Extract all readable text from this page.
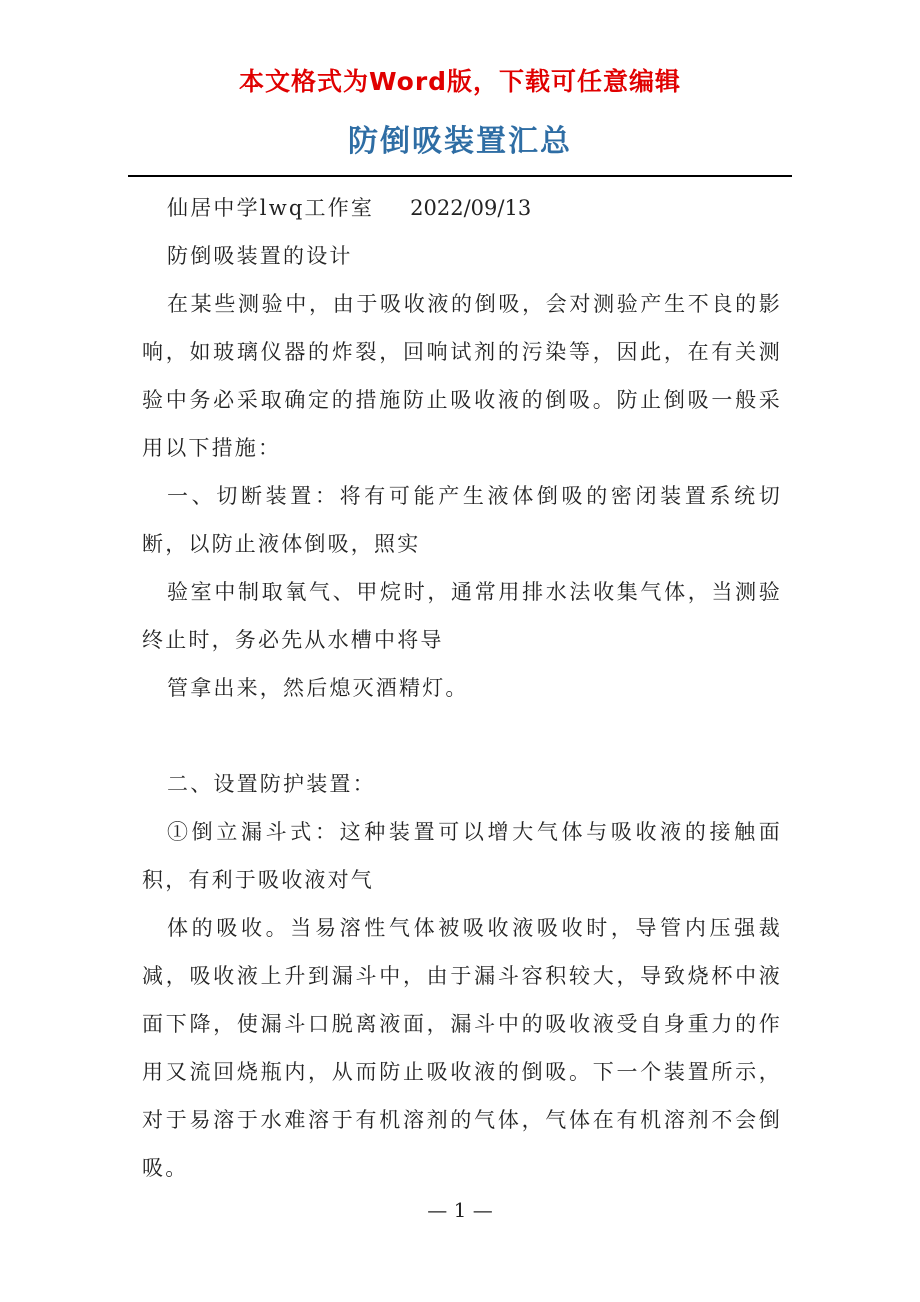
本文格式为Word版，下载可任意编辑
防倒吸装置汇总

仙居中学lwq工作室 2022/09/13

防倒吸装置的设计

在某些测验中，由于吸收液的倒吸，会对测验产生不良的影响，如玻璃仪器的炸裂，回响试剂的污染等，因此，在有关测验中务必采取确定的措施防止吸收液的倒吸。防止倒吸一般采用以下措施：

一、切断装置：将有可能产生液体倒吸的密闭装置系统切断，以防止液体倒吸，照实

验室中制取氧气、甲烷时，通常用排水法收集气体，当测验终止时，务必先从水槽中将导

管拿出来，然后熄灭酒精灯。

二、设置防护装置：

①倒立漏斗式：这种装置可以增大气体与吸收液的接触面积，有利于吸收液对气

体的吸收。当易溶性气体被吸收液吸收时，导管内压强裁减，吸收液上升到漏斗中，由于漏斗容积较大，导致烧杯中液面下降，使漏斗口脱离液面，漏斗中的吸收液受自身重力的作用又流回烧瓶内，从而防止吸收液的倒吸。下一个装置所示，对于易溶于水难溶于有机溶剂的气体，气体在有机溶剂不会倒吸。

— 1 —
